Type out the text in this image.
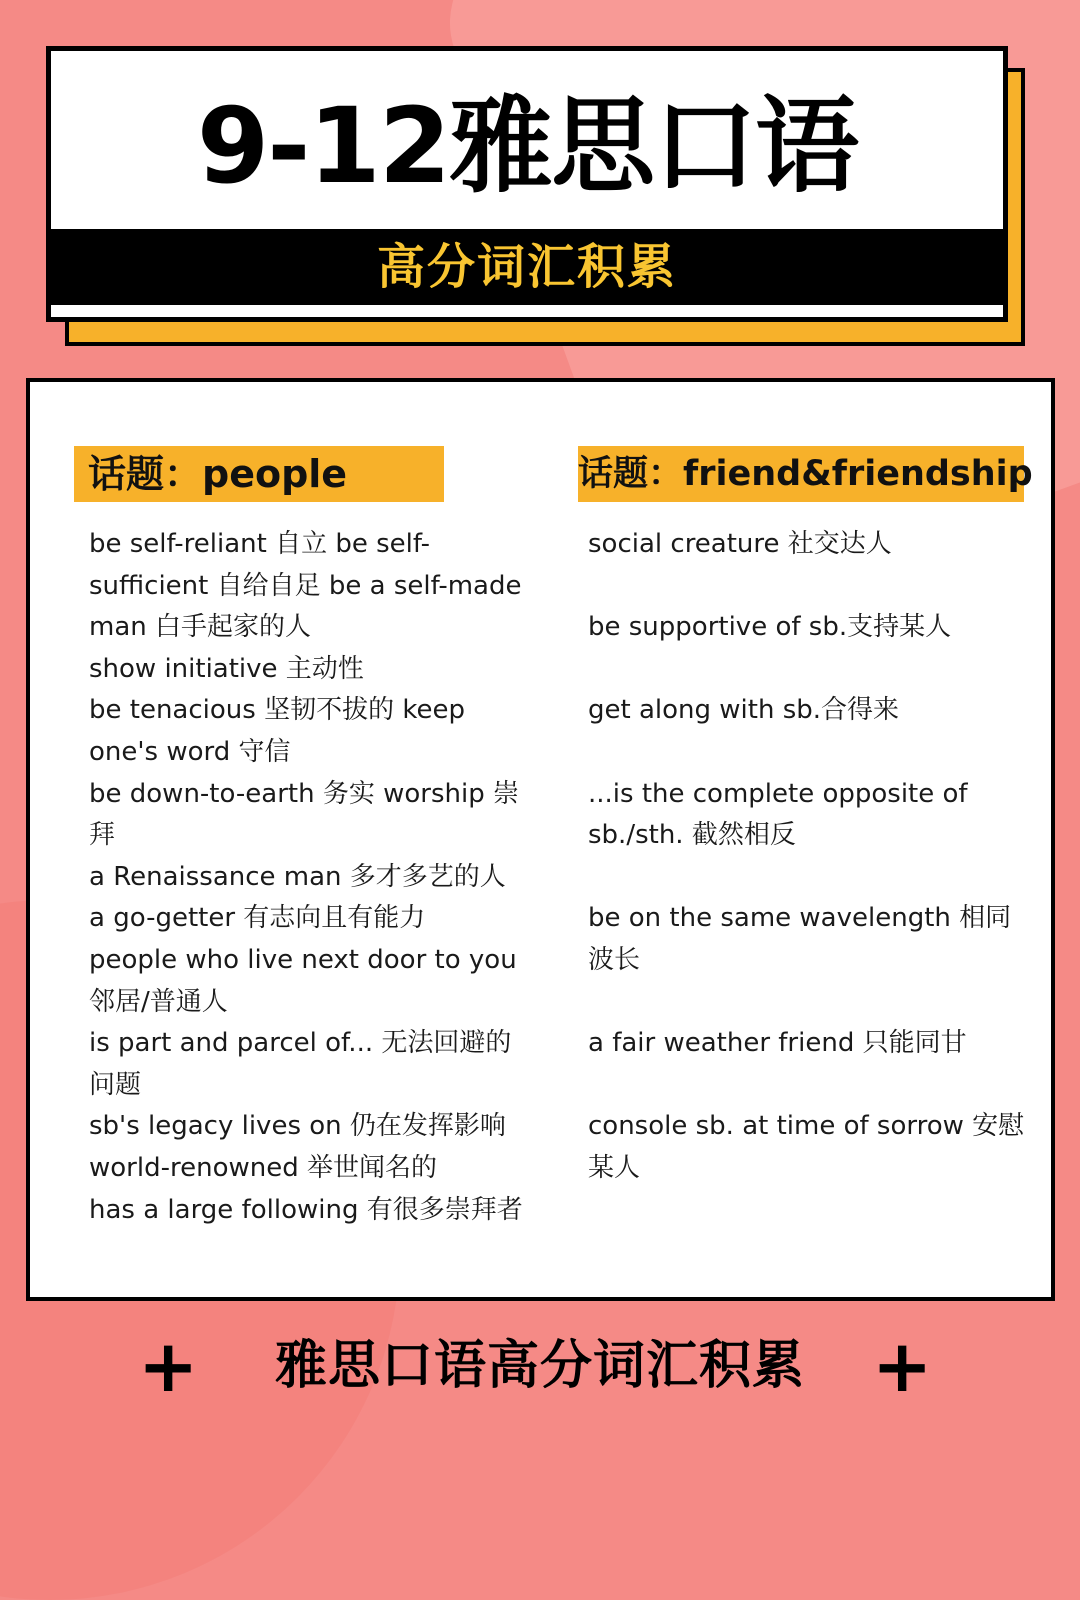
9-12雅思口语
高分词汇积累
话题：people

be self-reliant 自立 be self-sufficient 自给自足 be a self-made man 白手起家的人

show initiative 主动性

be tenacious 坚韧不拔的 keep one's word 守信

be down-to-earth 务实 worship 崇拜

a Renaissance man 多才多艺的人

a go-getter 有志向且有能力

people who live next door to you 邻居/普通人

is part and parcel of... 无法回避的问题

sb's legacy lives on 仍在发挥影响

world-renowned 举世闻名的

has a large following 有很多崇拜者

话题：friend&friendship

social creature 社交达人

be supportive of sb.支持某人

get along with sb.合得来

...is the complete opposite of sb./sth. 截然相反

be on the same wavelength 相同波长

a fair weather friend 只能同甘

console sb. at time of sorrow 安慰某人

+	雅思口语高分词汇积累 +
